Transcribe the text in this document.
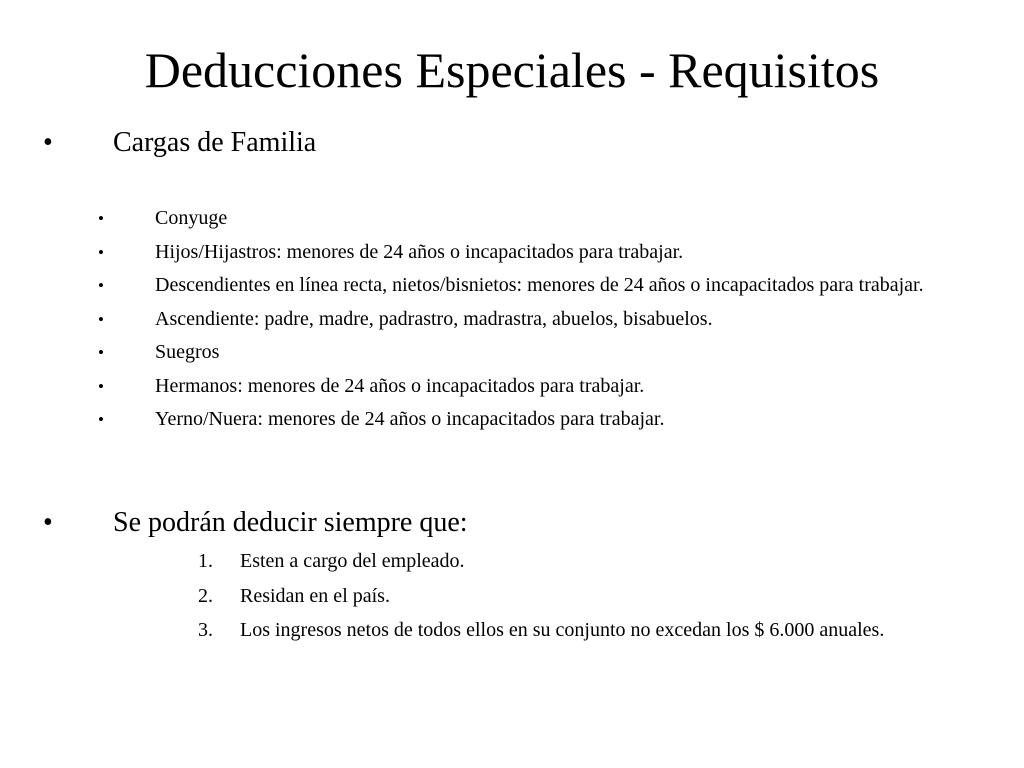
Deducciones Especiales - Requisitos
• Cargas de Familia
•	Conyuge
•	Hijos/Hijastros: menores de 24 años o incapacitados para trabajar.
•	Descendientes en línea recta, nietos/bisnietos: menores de 24 años o incapacitados para trabajar.
•	Ascendiente: padre, madre, padrastro, madrastra, abuelos, bisabuelos.
•	Suegros
•	Hermanos: menores de 24 años o incapacitados para trabajar.
•	Yerno/Nuera: menores de 24 años o incapacitados para trabajar.
• Se podrán deducir siempre que:
1. Esten a cargo del empleado.
2. Residan en el país.
3. Los ingresos netos de todos ellos en su conjunto no excedan los $ 6.000 anuales.
